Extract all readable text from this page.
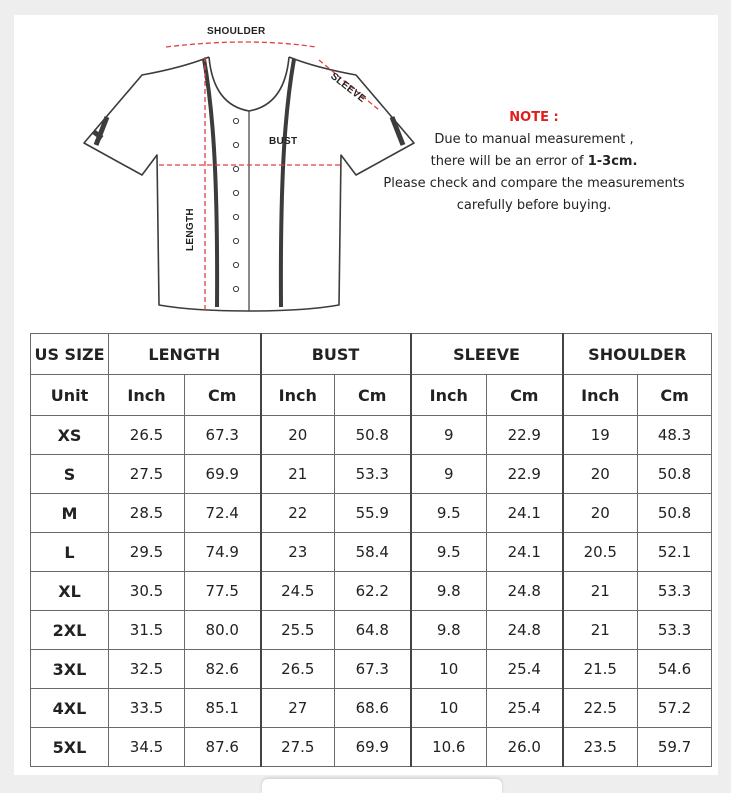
SHOULDER
SLEEVE
BUST
LENGTH
NOTE :
Due to manual measurement ,
there will be an error of 1-3cm.
Please check and compare the measurements
carefully before buying.
US SIZE	LENGTH		BUST		SLEEVE		SHOULDER	
Unit	Inch	Cm	Inch	Cm	Inch	Cm	Inch	Cm
XS	26.5	67.3	20	50.8	9	22.9	19	48.3
S	27.5	69.9	21	53.3	9	22.9	20	50.8
M	28.5	72.4	22	55.9	9.5	24.1	20	50.8
L	29.5	74.9	23	58.4	9.5	24.1	20.5	52.1
XL	30.5	77.5	24.5	62.2	9.8	24.8	21	53.3
2XL	31.5	80.0	25.5	64.8	9.8	24.8	21	53.3
3XL	32.5	82.6	26.5	67.3	10	25.4	21.5	54.6
4XL	33.5	85.1	27	68.6	10	25.4	22.5	57.2
5XL	34.5	87.6	27.5	69.9	10.6	26.0	23.5	59.7
